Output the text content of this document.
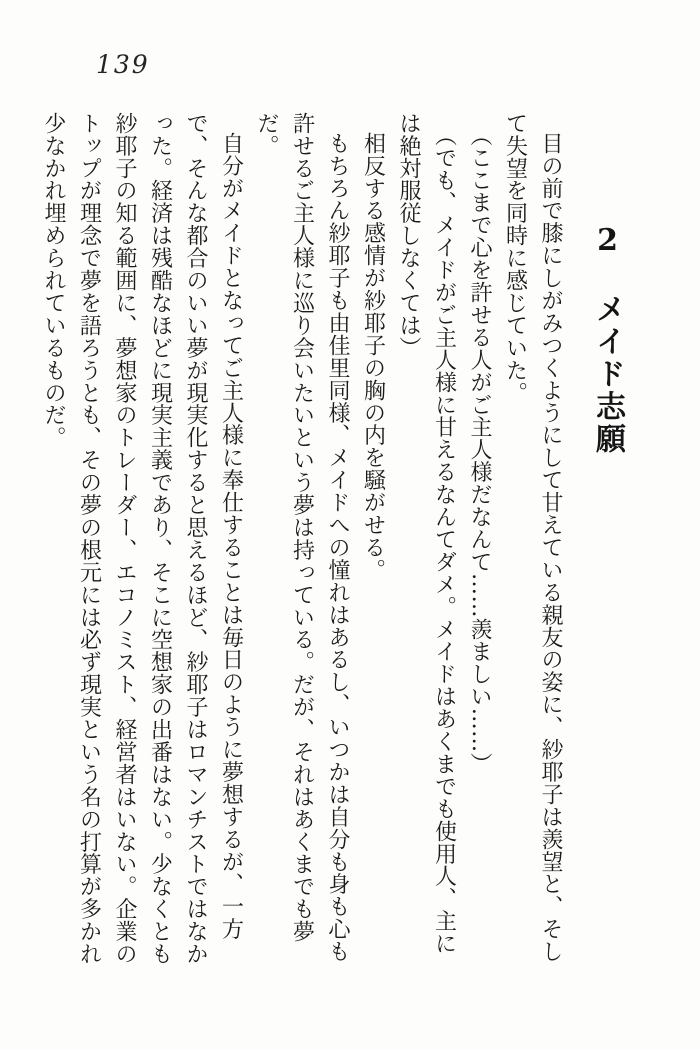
139
2　メイド志願

目の前で膝にしがみつくようにして甘えている親友の姿に、紗耶子は羨望と、そして失望を同時に感じていた。

（ここまで心を許せる人がご主人様だなんて……羨ましい……）

（でも、メイドがご主人様に甘えるなんてダメ。メイドはあくまでも使用人、主には絶対服従しなくては）

相反する感情が紗耶子の胸の内を騒がせる。

もちろん紗耶子も由佳里同様、メイドへの憧れはあるし、いつかは自分も身も心も許せるご主人様に巡り会いたいという夢は持っている。だが、それはあくまでも夢だ。

自分がメイドとなってご主人様に奉仕することは毎日のように夢想するが、一方で、そんな都合のいい夢が現実化すると思えるほど、紗耶子はロマンチストではなかった。経済は残酷なほどに現実主義であり、そこに空想家の出番はない。少なくとも紗耶子の知る範囲に、夢想家のトレーダー、エコノミスト、経営者はいない。企業のトップが理念で夢を語ろうとも、その夢の根元には必ず現実という名の打算が多かれ少なかれ埋められているものだ。
